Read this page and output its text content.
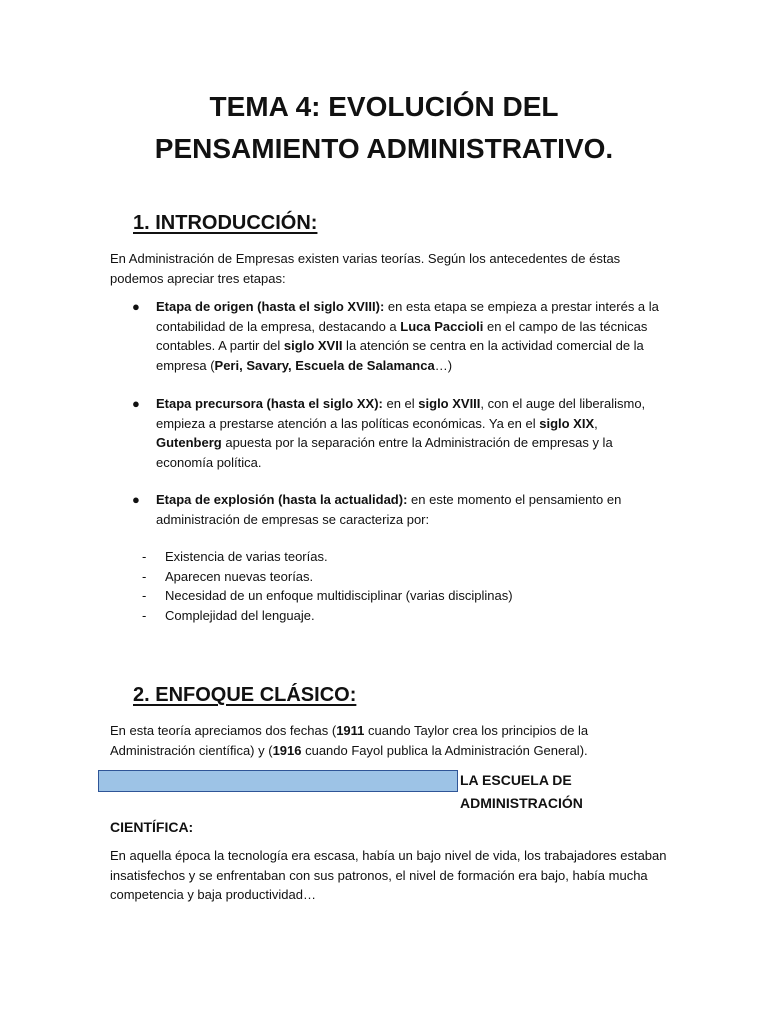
TEMA 4: EVOLUCIÓN DEL
PENSAMIENTO ADMINISTRATIVO.
1. INTRODUCCIÓN:
En Administración de Empresas existen varias teorías. Según los antecedentes de éstas podemos apreciar tres etapas:
● Etapa de origen (hasta el siglo XVIII): en esta etapa se empieza a prestar interés a la contabilidad de la empresa, destacando a Luca Paccioli en el campo de las técnicas contables. A partir del siglo XVII la atención se centra en la actividad comercial de la empresa (Peri, Savary, Escuela de Salamanca…)
● Etapa precursora (hasta el siglo XX): en el siglo XVIII, con el auge del liberalismo, empieza a prestarse atención a las políticas económicas. Ya en el siglo XIX, Gutenberg apuesta por la separación entre la Administración de empresas y la economía política.
● Etapa de explosión (hasta la actualidad): en este momento el pensamiento en administración de empresas se caracteriza por:
- Existencia de varias teorías.
- Aparecen nuevas teorías.
- Necesidad de un enfoque multidisciplinar (varias disciplinas)
- Complejidad del lenguaje.
2. ENFOQUE CLÁSICO:
En esta teoría apreciamos dos fechas (1911 cuando Taylor crea los principios de la Administración científica) y (1916 cuando Fayol publica la Administración General).
LA ESCUELA DE
ADMINISTRACIÓN
CIENTÍFICA:
En aquella época la tecnología era escasa, había un bajo nivel de vida, los trabajadores estaban insatisfechos y se enfrentaban con sus patronos, el nivel de formación era bajo, había mucha competencia y baja productividad…
